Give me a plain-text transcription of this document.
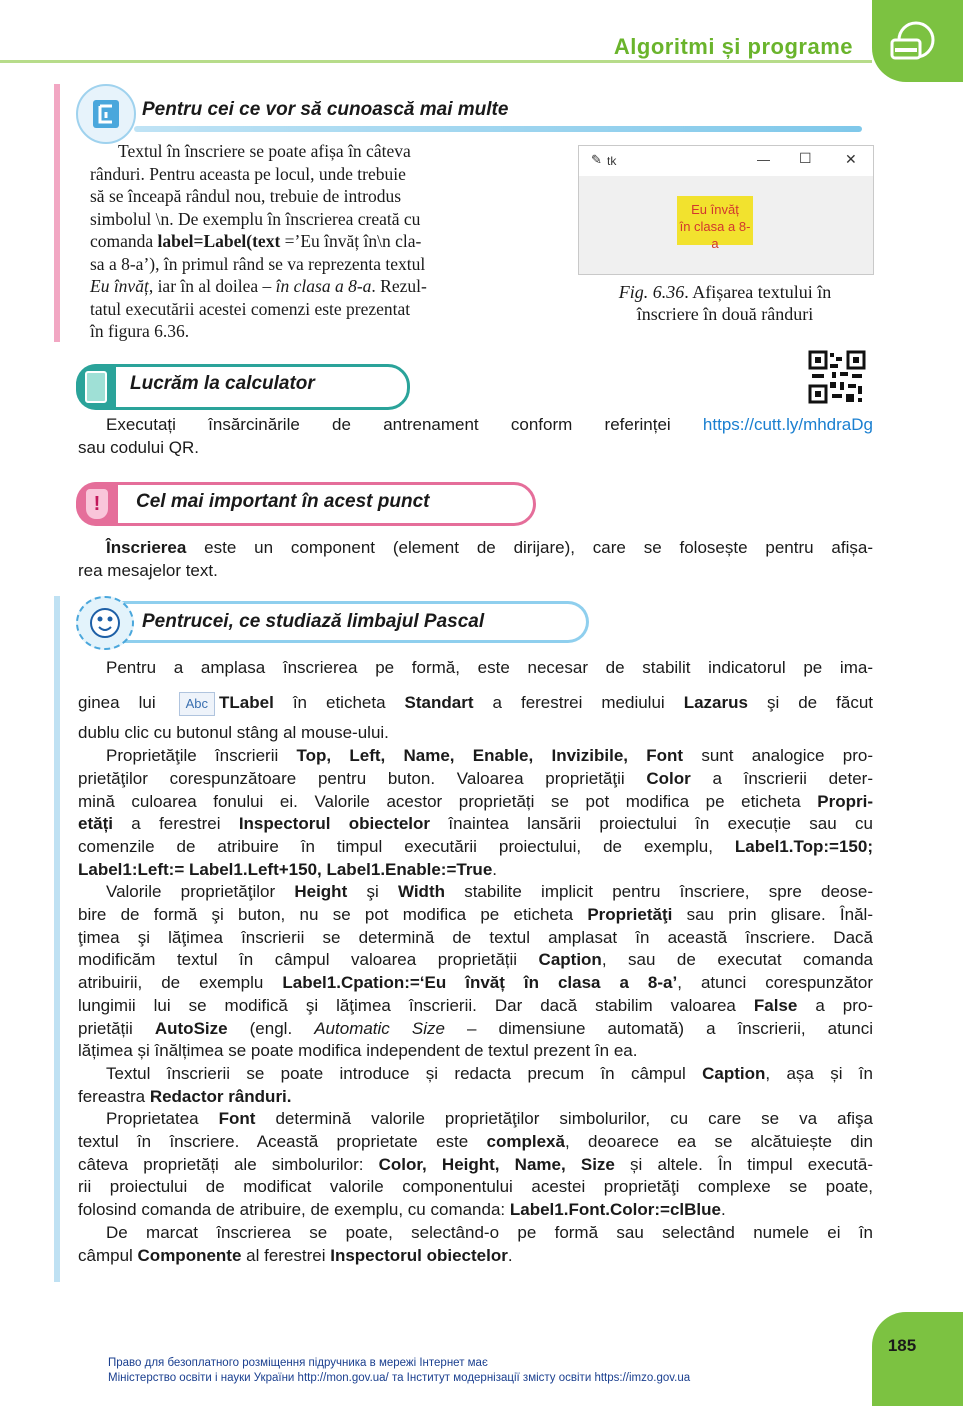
Algoritmi și programe
Pentru cei ce vor să cunoască mai multe

Textul în înscriere se poate afișa în câteva

rânduri. Pentru aceasta pe locul, unde trebuie

să se înceapă rândul nou, trebuie de introdus

simbolul \n. De exemplu în înscrierea creată cu

comanda label=Label(text =’Eu învăț în\n cla-

sa a 8-a’), în primul rând se va reprezenta textul

Eu învăț, iar în al doilea – în clasa a 8-a. Rezul-

tatul executării acestei comenzi este prezentat

în figura 6.36.

✎ tk	— ☐ ✕
Eu învăț
în clasa a 8-a
Fig. 6.36. Afișarea textului în
înscriere în două rânduri
Lucrăm la calculator

Executați însărcinările de antrenament conform referinței https://cutt.ly/mhdraDg

sau codului QR.

!	Cel mai important în acest punct

Înscrierea este un component (element de dirijare), care se folosește pentru afișa-

rea mesajelor text.

Pentrucei, ce studiază limbajul Pascal

Pentru a amplasa înscrierea pe formă, este necesar de stabilit indicatorul pe ima-

ginea lui Abc TLabel în eticheta Standart a ferestrei mediului Lazarus şi de făcut

dublu clic cu butonul stâng al mouse-ului.

Proprietăţile înscrierii Top, Left, Name, Enable, Invizibile, Font sunt analogice pro-

prietăţilor corespunzătoare pentru buton. Valoarea proprietăţii Color a înscrierii deter-

mină culoarea fonului ei. Valorile acestor proprietăți se pot modifica pe eticheta Propri-

etăți a ferestrei Inspectorul obiectelor înaintea lansării proiectului în execuție sau cu

comenzile de atribuire în timpul executării proiectului, de exemplu, Label1.Top:=150;

Label1:Left:= Label1.Left+150, Label1.Enable:=True.

Valorile proprietăţilor Height şi Width stabilite implicit pentru înscriere, spre deose-

bire de formă şi buton, nu se pot modifica pe eticheta Proprietăţi sau prin glisare. Înăl-

ţimea şi lăţimea înscrierii se determină de textul amplasat în această înscriere. Dacă

modificăm textul în câmpul valoarea proprietății Caption, sau de executat comanda

atribuirii, de exemplu Label1.Cpation:=‘Eu învăț în clasa a 8-a’, atunci corespunzător

lungimii lui se modifică şi lăţimea înscrierii. Dar dacă stabilim valoarea False a pro-

prietății AutoSize (engl. Automatic Size – dimensiune automată) a înscrierii, atunci

lățimea și înălțimea se poate modifica independent de textul prezent în ea.

Textul înscrierii se poate introduce și redacta precum în câmpul Caption, așa și în

fereastra Redactor rânduri.

Proprietatea Font determină valorile proprietăţilor simbolurilor, cu care se va afişa

textul în înscriere. Această proprietate este complexă, deoarece ea se alcătuiește din

câteva proprietăți ale simbolurilor: Color, Height, Name, Size și altele. În timpul executā-

rii proiectului de modificat valorile componentului acestei proprietăţi complexe se poate,

folosind comanda de atribuire, de exemplu, cu comanda: Label1.Font.Color:=clBlue.

De marcat înscrierea se poate, selectând-o pe formă sau selectând numele ei în

câmpul Componente al ferestrei Inspectorul obiectelor.

185
Право для безоплатного розміщення підручника в мережі Інтернет має
Міністерство освіти і науки України http://mon.gov.ua/ та Інститут модернізації змісту освіти https://imzo.gov.ua
